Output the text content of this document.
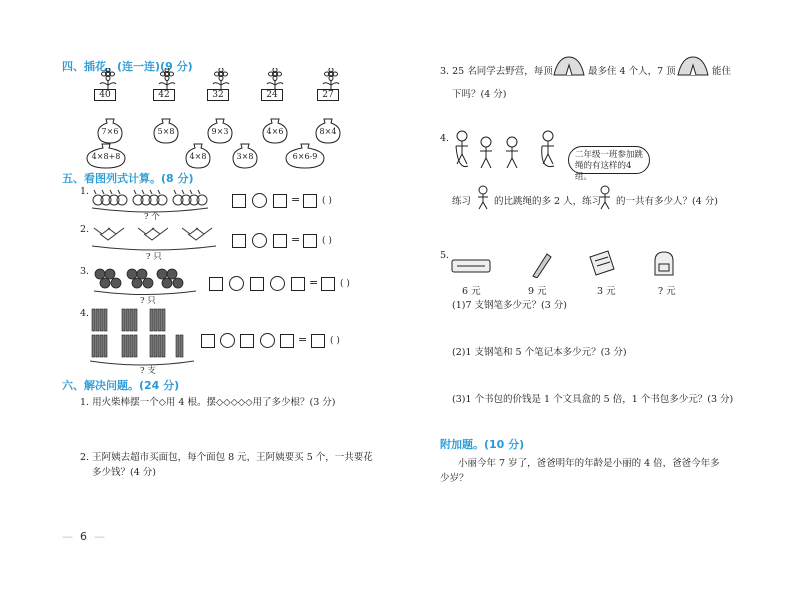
四、插花。(连一连)(9 分)
40	42	32	24	27
7×6	5×8	9×3	4×6	8×4
4×8+8	4×8	3×8	6×6-9
五、看图列式计算。(8 分)
1.
? 个
= ( )
2.
? 只
= ( )
3.
? 只
= ( )
4.
? 支
=	( )
六、解决问题。(24 分)
1. 用火柴棒摆一个◇用 4 根。摆◇◇◇◇◇用了多少根？(3 分)
2. 王阿姨去超市买面包，每个面包 8 元，王阿姨要买 5 个，一共要花
多少钱？(4 分)
—  6  —
3. 25 名同学去野营，每顶	最多住 4 个人，7 顶	能住
下吗？(4 分)
4.
二年级一班参加跳绳的有这样的4组。
练习 的比跳绳的多 2 人，练习 的一共有多少人？(4 分)
5.
6 元	9 元	3 元	? 元
(1)7 支钢笔多少元？(3 分)
(2)1 支钢笔和 5 个笔记本多少元？(3 分)
(3)1 个书包的价钱是 1 个文具盒的 5 倍，1 个书包多少元？(3 分)
附加题。(10 分)
小丽今年 7 岁了，爸爸明年的年龄是小丽的 4 倍，爸爸今年多
少岁？
